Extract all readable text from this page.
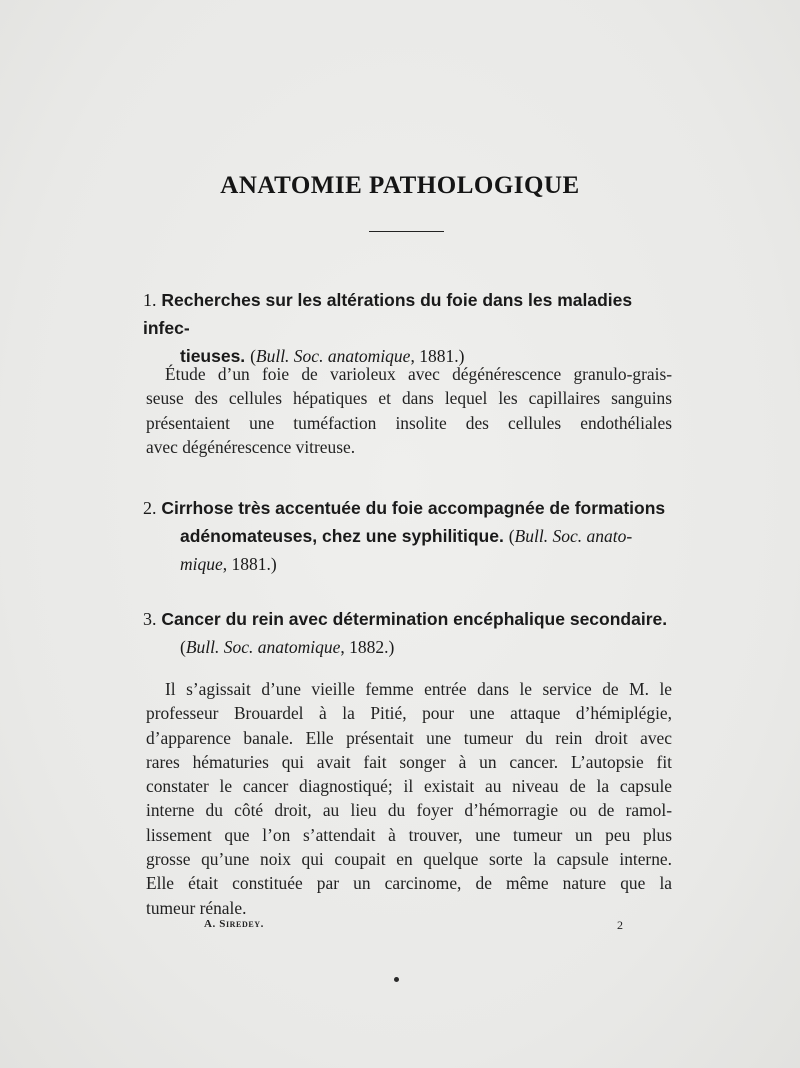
ANATOMIE PATHOLOGIQUE
1. Recherches sur les altérations du foie dans les maladies infec-
tieuses. (Bull. Soc. anatomique, 1881.)
Étude d’un foie de varioleux avec dégénérescence granulo-grais-
seuse des cellules hépatiques et dans lequel les capillaires sanguins
présentaient une tuméfaction insolite des cellules endothéliales
avec dégénérescence vitreuse.
2. Cirrhose très accentuée du foie accompagnée de formations
adénomateuses, chez une syphilitique. (Bull. Soc. anato-
mique, 1881.)
3. Cancer du rein avec détermination encéphalique secondaire.
(Bull. Soc. anatomique, 1882.)
Il s’agissait d’une vieille femme entrée dans le service de M. le
professeur Brouardel à la Pitié, pour une attaque d’hémiplégie,
d’apparence banale. Elle présentait une tumeur du rein droit avec
rares hématuries qui avait fait songer à un cancer. L’autopsie fit
constater le cancer diagnostiqué; il existait au niveau de la capsule
interne du côté droit, au lieu du foyer d’hémorragie ou de ramol-
lissement que l’on s’attendait à trouver, une tumeur un peu plus
grosse qu’une noix qui coupait en quelque sorte la capsule interne.
Elle était constituée par un carcinome, de même nature que la
tumeur rénale.
A. Siredey.	2
